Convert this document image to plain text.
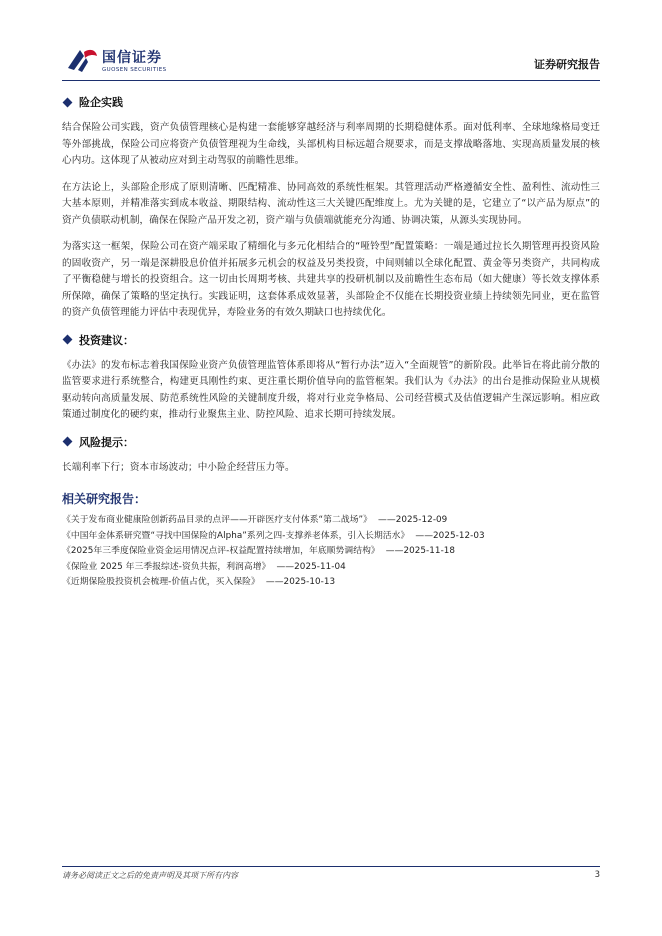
国信证券
GUOSEN SECURITIES	证券研究报告
险企实践

结合保险公司实践，资产负债管理核心是构建一套能够穿越经济与利率周期的长期稳健体系。面对低利率、全球地缘格局变迁等外部挑战，保险公司应将资产负债管理视为生命线，头部机构目标远超合规要求，而是支撑战略落地、实现高质量发展的核心内功。这体现了从被动应对到主动驾驭的前瞻性思维。

在方法论上，头部险企形成了原则清晰、匹配精准、协同高效的系统性框架。其管理活动严格遵循安全性、盈利性、流动性三大基本原则，并精准落实到成本收益、期限结构、流动性这三大关键匹配维度上。尤为关键的是，它建立了“以产品为原点”的资产负债联动机制，确保在保险产品开发之初，资产端与负债端就能充分沟通、协调决策，从源头实现协同。

为落实这一框架，保险公司在资产端采取了精细化与多元化相结合的“哑铃型”配置策略：一端是通过拉长久期管理再投资风险的固收资产，另一端是深耕股息价值并拓展多元机会的权益及另类投资，中间则辅以全球化配置、黄金等另类资产，共同构成了平衡稳健与增长的投资组合。这一切由长周期考核、共建共享的投研机制以及前瞻性生态布局（如大健康）等长效支撑体系所保障，确保了策略的坚定执行。实践证明，这套体系成效显著，头部险企不仅能在长期投资业绩上持续领先同业，更在监管的资产负债管理能力评估中表现优异，寿险业务的有效久期缺口也持续优化。

投资建议：

《办法》的发布标志着我国保险业资产负债管理监管体系即将从“暂行办法”迈入“全面规管”的新阶段。此举旨在将此前分散的监管要求进行系统整合，构建更具刚性约束、更注重长期价值导向的监管框架。我们认为《办法》的出台是推动保险业从规模驱动转向高质量发展、防范系统性风险的关键制度升级，将对行业竞争格局、公司经营模式及估值逻辑产生深远影响。相应政策通过制度化的硬约束，推动行业聚焦主业、防控风险、追求长期可持续发展。

风险提示：

长端利率下行；资本市场波动；中小险企经营压力等。

相关研究报告：
《关于发布商业健康险创新药品目录的点评——开辟医疗支付体系“第二战场”》 ——2025-12-09
《中国年金体系研究暨“寻找中国保险的Alpha”系列之四-支撑养老体系，引入长期活水》 ——2025-12-03
《2025年三季度保险业资金运用情况点评-权益配置持续增加，年底顺势调结构》 ——2025-11-18
《保险业 2025 年三季报综述-资负共振，利润高增》 ——2025-11-04
《近期保险股投资机会梳理-价值占优，买入保险》 ——2025-10-13
请务必阅读正文之后的免责声明及其项下所有内容	3
